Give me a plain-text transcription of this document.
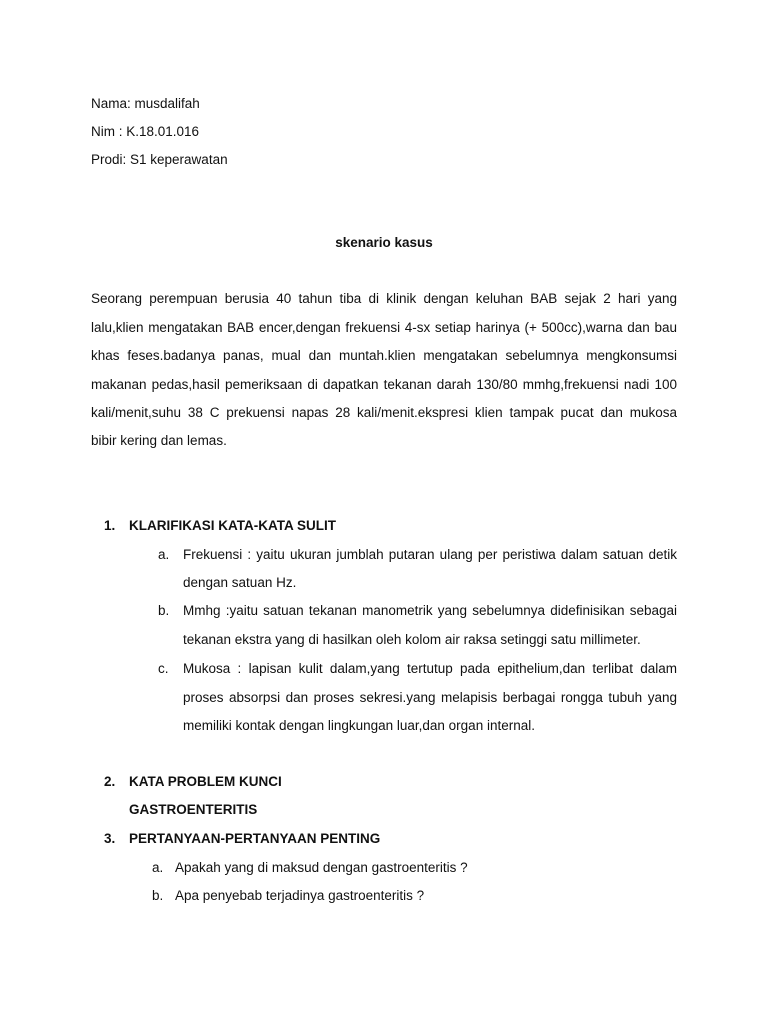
Nama: musdalifah
Nim : K.18.01.016
Prodi: S1 keperawatan
skenario kasus
Seorang perempuan berusia 40 tahun tiba di klinik dengan keluhan BAB sejak 2 hari yang
lalu,klien mengatakan BAB encer,dengan frekuensi 4-sx setiap harinya (+ 500cc),warna dan bau
khas feses.badanya panas, mual dan muntah.klien mengatakan sebelumnya mengkonsumsi
makanan pedas,hasil pemeriksaan di dapatkan tekanan darah 130/80 mmhg,frekuensi nadi 100
kali/menit,suhu 38 C prekuensi napas 28 kali/menit.ekspresi klien tampak pucat dan mukosa
bibir kering dan lemas.
1. KLARIFIKASI KATA-KATA SULIT
a. Frekuensi : yaitu ukuran jumblah putaran ulang per peristiwa dalam satuan detik
dengan satuan Hz.
b. Mmhg :yaitu satuan tekanan manometrik yang sebelumnya didefinisikan sebagai
tekanan ekstra yang di hasilkan oleh kolom air raksa setinggi satu millimeter.
c. Mukosa : lapisan kulit dalam,yang tertutup pada epithelium,dan terlibat dalam
proses absorpsi dan proses sekresi.yang melapisis berbagai rongga tubuh yang
memiliki kontak dengan lingkungan luar,dan organ internal.
2. KATA PROBLEM KUNCI
GASTROENTERITIS
3. PERTANYAAN-PERTANYAAN PENTING
a. Apakah yang di maksud dengan gastroenteritis ?
b. Apa penyebab terjadinya gastroenteritis ?
